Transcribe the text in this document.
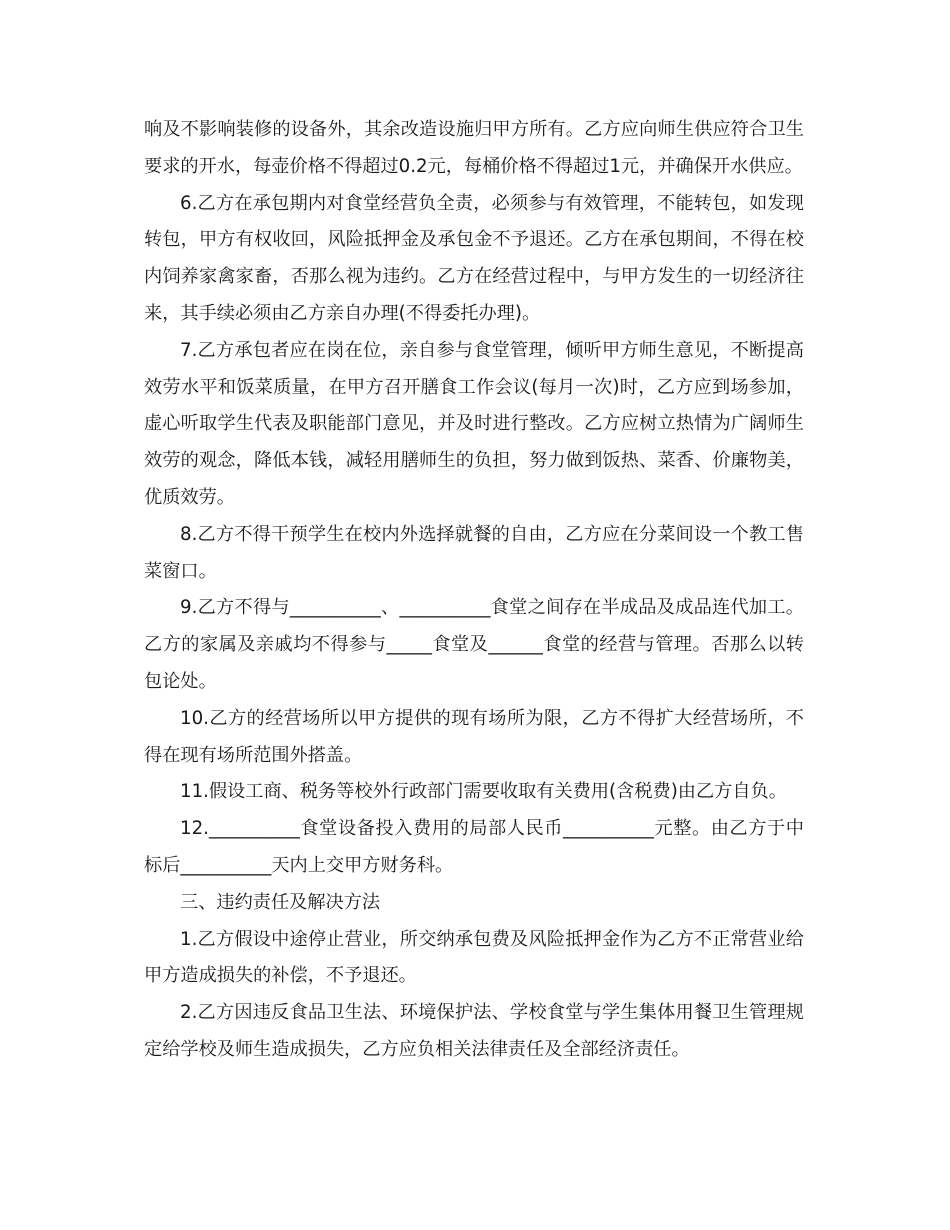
响及不影响装修的设备外，其余改造设施归甲方所有。乙方应向师生供应符合卫生要求的开水，每壶价格不得超过0.2元，每桶价格不得超过1元，并确保开水供应。

6.乙方在承包期内对食堂经营负全责，必须参与有效管理，不能转包，如发现转包，甲方有权收回，风险抵押金及承包金不予退还。乙方在承包期间，不得在校内饲养家禽家畜，否那么视为违约。乙方在经营过程中，与甲方发生的一切经济往来，其手续必须由乙方亲自办理(不得委托办理)。

7.乙方承包者应在岗在位，亲自参与食堂管理，倾听甲方师生意见，不断提高效劳水平和饭菜质量，在甲方召开膳食工作会议(每月一次)时，乙方应到场参加，虚心听取学生代表及职能部门意见，并及时进行整改。乙方应树立热情为广阔师生效劳的观念，降低本钱，减轻用膳师生的负担，努力做到饭热、菜香、价廉物美，优质效劳。

8.乙方不得干预学生在校内外选择就餐的自由，乙方应在分菜间设一个教工售菜窗口。

9.乙方不得与__________、__________食堂之间存在半成品及成品连代加工。乙方的家属及亲戚均不得参与_____食堂及______食堂的经营与管理。否那么以转包论处。

10.乙方的经营场所以甲方提供的现有场所为限，乙方不得扩大经营场所，不得在现有场所范围外搭盖。

11.假设工商、税务等校外行政部门需要收取有关费用(含税费)由乙方自负。

12.__________食堂设备投入费用的局部人民币__________元整。由乙方于中标后__________天内上交甲方财务科。

三、违约责任及解决方法

1.乙方假设中途停止营业，所交纳承包费及风险抵押金作为乙方不正常营业给甲方造成损失的补偿，不予退还。

2.乙方因违反食品卫生法、环境保护法、学校食堂与学生集体用餐卫生管理规定给学校及师生造成损失，乙方应负相关法律责任及全部经济责任。
